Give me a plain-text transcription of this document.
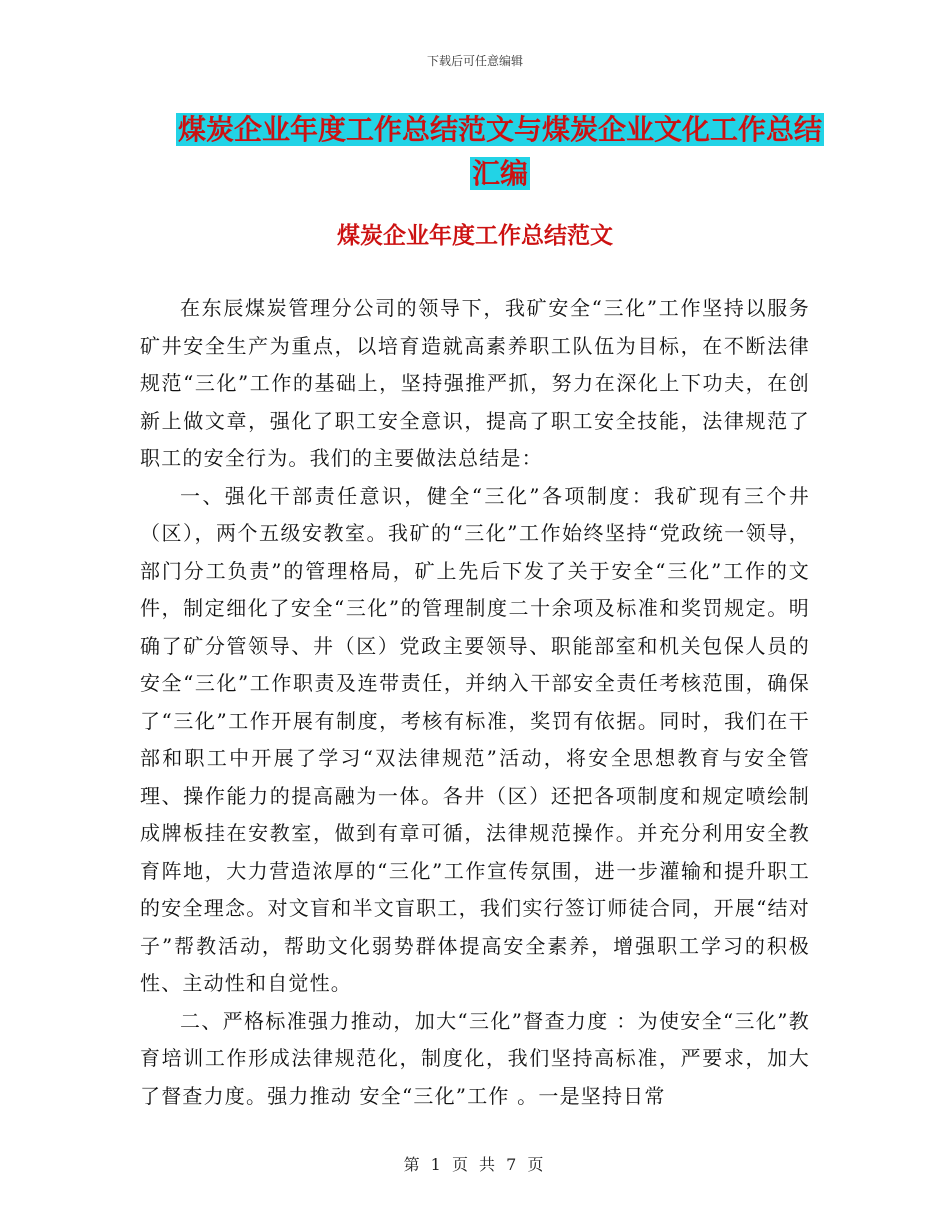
下载后可任意编辑
煤炭企业年度工作总结范文与煤炭企业文化工作总结
汇编
煤炭企业年度工作总结范文

在东辰煤炭管理分公司的领导下，我矿安全“三化”工作坚持以服务矿井安全生产为重点，以培育造就高素养职工队伍为目标，在不断法律规范“三化”工作的基础上，坚持强推严抓，努力在深化上下功夫，在创新上做文章，强化了职工安全意识，提高了职工安全技能，法律规范了职工的安全行为。我们的主要做法总结是：

一、强化干部责任意识，健全“三化”各项制度：我矿现有三个井（区），两个五级安教室。我矿的“三化”工作始终坚持“党政统一领导，部门分工负责”的管理格局，矿上先后下发了关于安全“三化”工作的文件，制定细化了安全“三化”的管理制度二十余项及标准和奖罚规定。明确了矿分管领导、井（区）党政主要领导、职能部室和机关包保人员的安全“三化”工作职责及连带责任，并纳入干部安全责任考核范围，确保了“三化”工作开展有制度，考核有标准，奖罚有依据。同时，我们在干部和职工中开展了学习“双法律规范”活动，将安全思想教育与安全管理、操作能力的提高融为一体。各井（区）还把各项制度和规定喷绘制成牌板挂在安教室，做到有章可循，法律规范操作。并充分利用安全教育阵地，大力营造浓厚的“三化”工作宣传氛围，进一步灌输和提升职工的安全理念。对文盲和半文盲职工，我们实行签订师徒合同，开展“结对子”帮教活动，帮助文化弱势群体提高安全素养，增强职工学习的积极性、主动性和自觉性。

二、严格标准强力推动，加大“三化”督查力度 ：为使安全“三化”教育培训工作形成法律规范化，制度化，我们坚持高标准，严要求，加大了督查力度。强力推动 安全“三化”工作 。一是坚持日常

第 1 页 共 7 页
